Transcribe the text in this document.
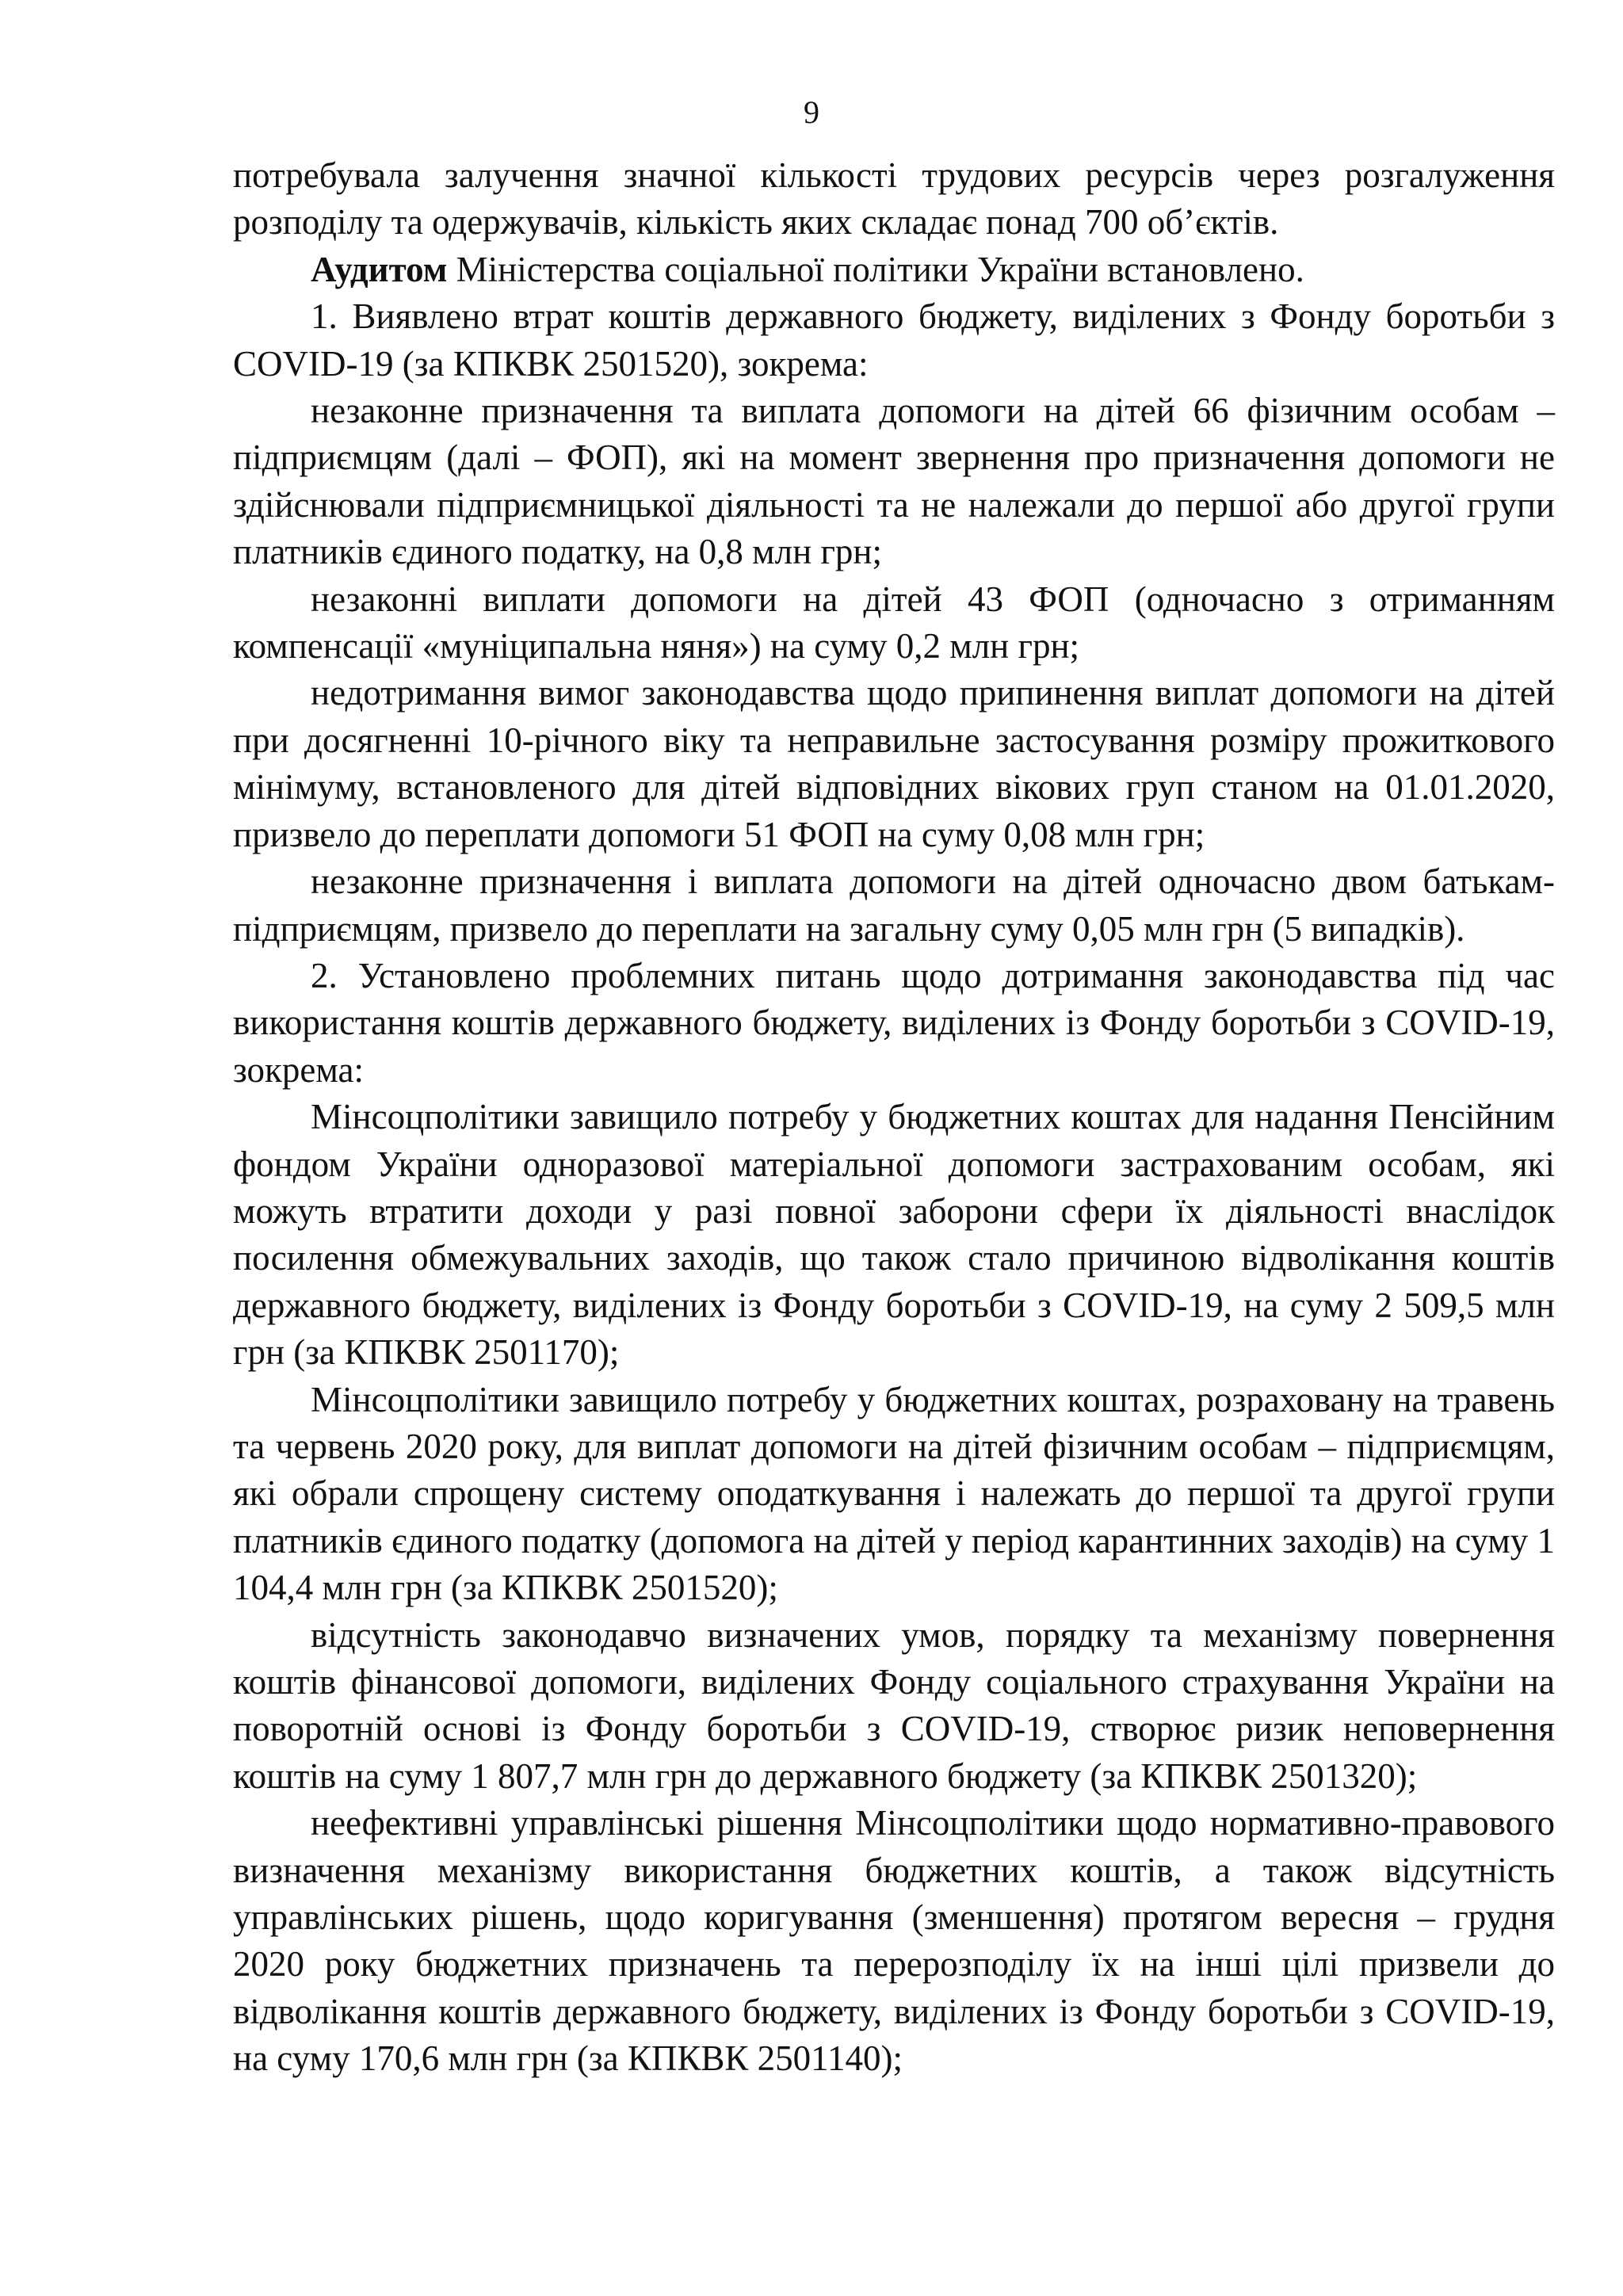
9

потребувала залучення значної кількості трудових ресурсів через розгалуження розподілу та одержувачів, кількість яких складає понад 700 об’єктів.

Аудитом Міністерства соціальної політики України встановлено.

1. Виявлено втрат коштів державного бюджету, виділених з Фонду боротьби з COVID-19 (за КПКВК 2501520), зокрема:

незаконне призначення та виплата допомоги на дітей 66 фізичним особам – підприємцям (далі – ФОП), які на момент звернення про призначення допомоги не здійснювали підприємницької діяльності та не належали до першої або другої групи платників єдиного податку, на 0,8 млн грн;

незаконні виплати допомоги на дітей 43 ФОП (одночасно з отриманням компенсації «муніципальна няня») на суму 0,2 млн грн;

недотримання вимог законодавства щодо припинення виплат допомоги на дітей при досягненні 10-річного віку та неправильне застосування розміру прожиткового мінімуму, встановленого для дітей відповідних вікових груп станом на 01.01.2020, призвело до переплати допомоги 51 ФОП на суму 0,08 млн грн;

незаконне призначення і виплата допомоги на дітей одночасно двом батькам-підприємцям, призвело до переплати на загальну суму 0,05 млн грн (5 випадків).

2. Установлено проблемних питань щодо дотримання законодавства під час використання коштів державного бюджету, виділених із Фонду боротьби з COVID-19, зокрема:

Мінсоцполітики завищило потребу у бюджетних коштах для надання Пенсійним фондом України одноразової матеріальної допомоги застрахованим особам, які можуть втратити доходи у разі повної заборони сфери їх діяльності внаслідок посилення обмежувальних заходів, що також стало причиною відволікання коштів державного бюджету, виділених із Фонду боротьби з COVID-19, на суму 2 509,5 млн грн (за КПКВК 2501170);

Мінсоцполітики завищило потребу у бюджетних коштах, розраховану на травень та червень 2020 року, для виплат допомоги на дітей фізичним особам – підприємцям, які обрали спрощену систему оподаткування і належать до першої та другої групи платників єдиного податку (допомога на дітей у період карантинних заходів) на суму 1 104,4 млн грн (за КПКВК 2501520);

відсутність законодавчо визначених умов, порядку та механізму повернення коштів фінансової допомоги, виділених Фонду соціального страхування України на поворотній основі із Фонду боротьби з COVID-19, створює ризик неповернення коштів на суму 1 807,7 млн грн до державного бюджету (за КПКВК 2501320);

неефективні управлінські рішення Мінсоцполітики щодо нормативно-правового визначення механізму використання бюджетних коштів, а також відсутність управлінських рішень, щодо коригування (зменшення) протягом вересня – грудня 2020 року бюджетних призначень та перерозподілу їх на інші цілі призвели до відволікання коштів державного бюджету, виділених із Фонду боротьби з COVID-19, на суму 170,6 млн грн (за КПКВК 2501140);
